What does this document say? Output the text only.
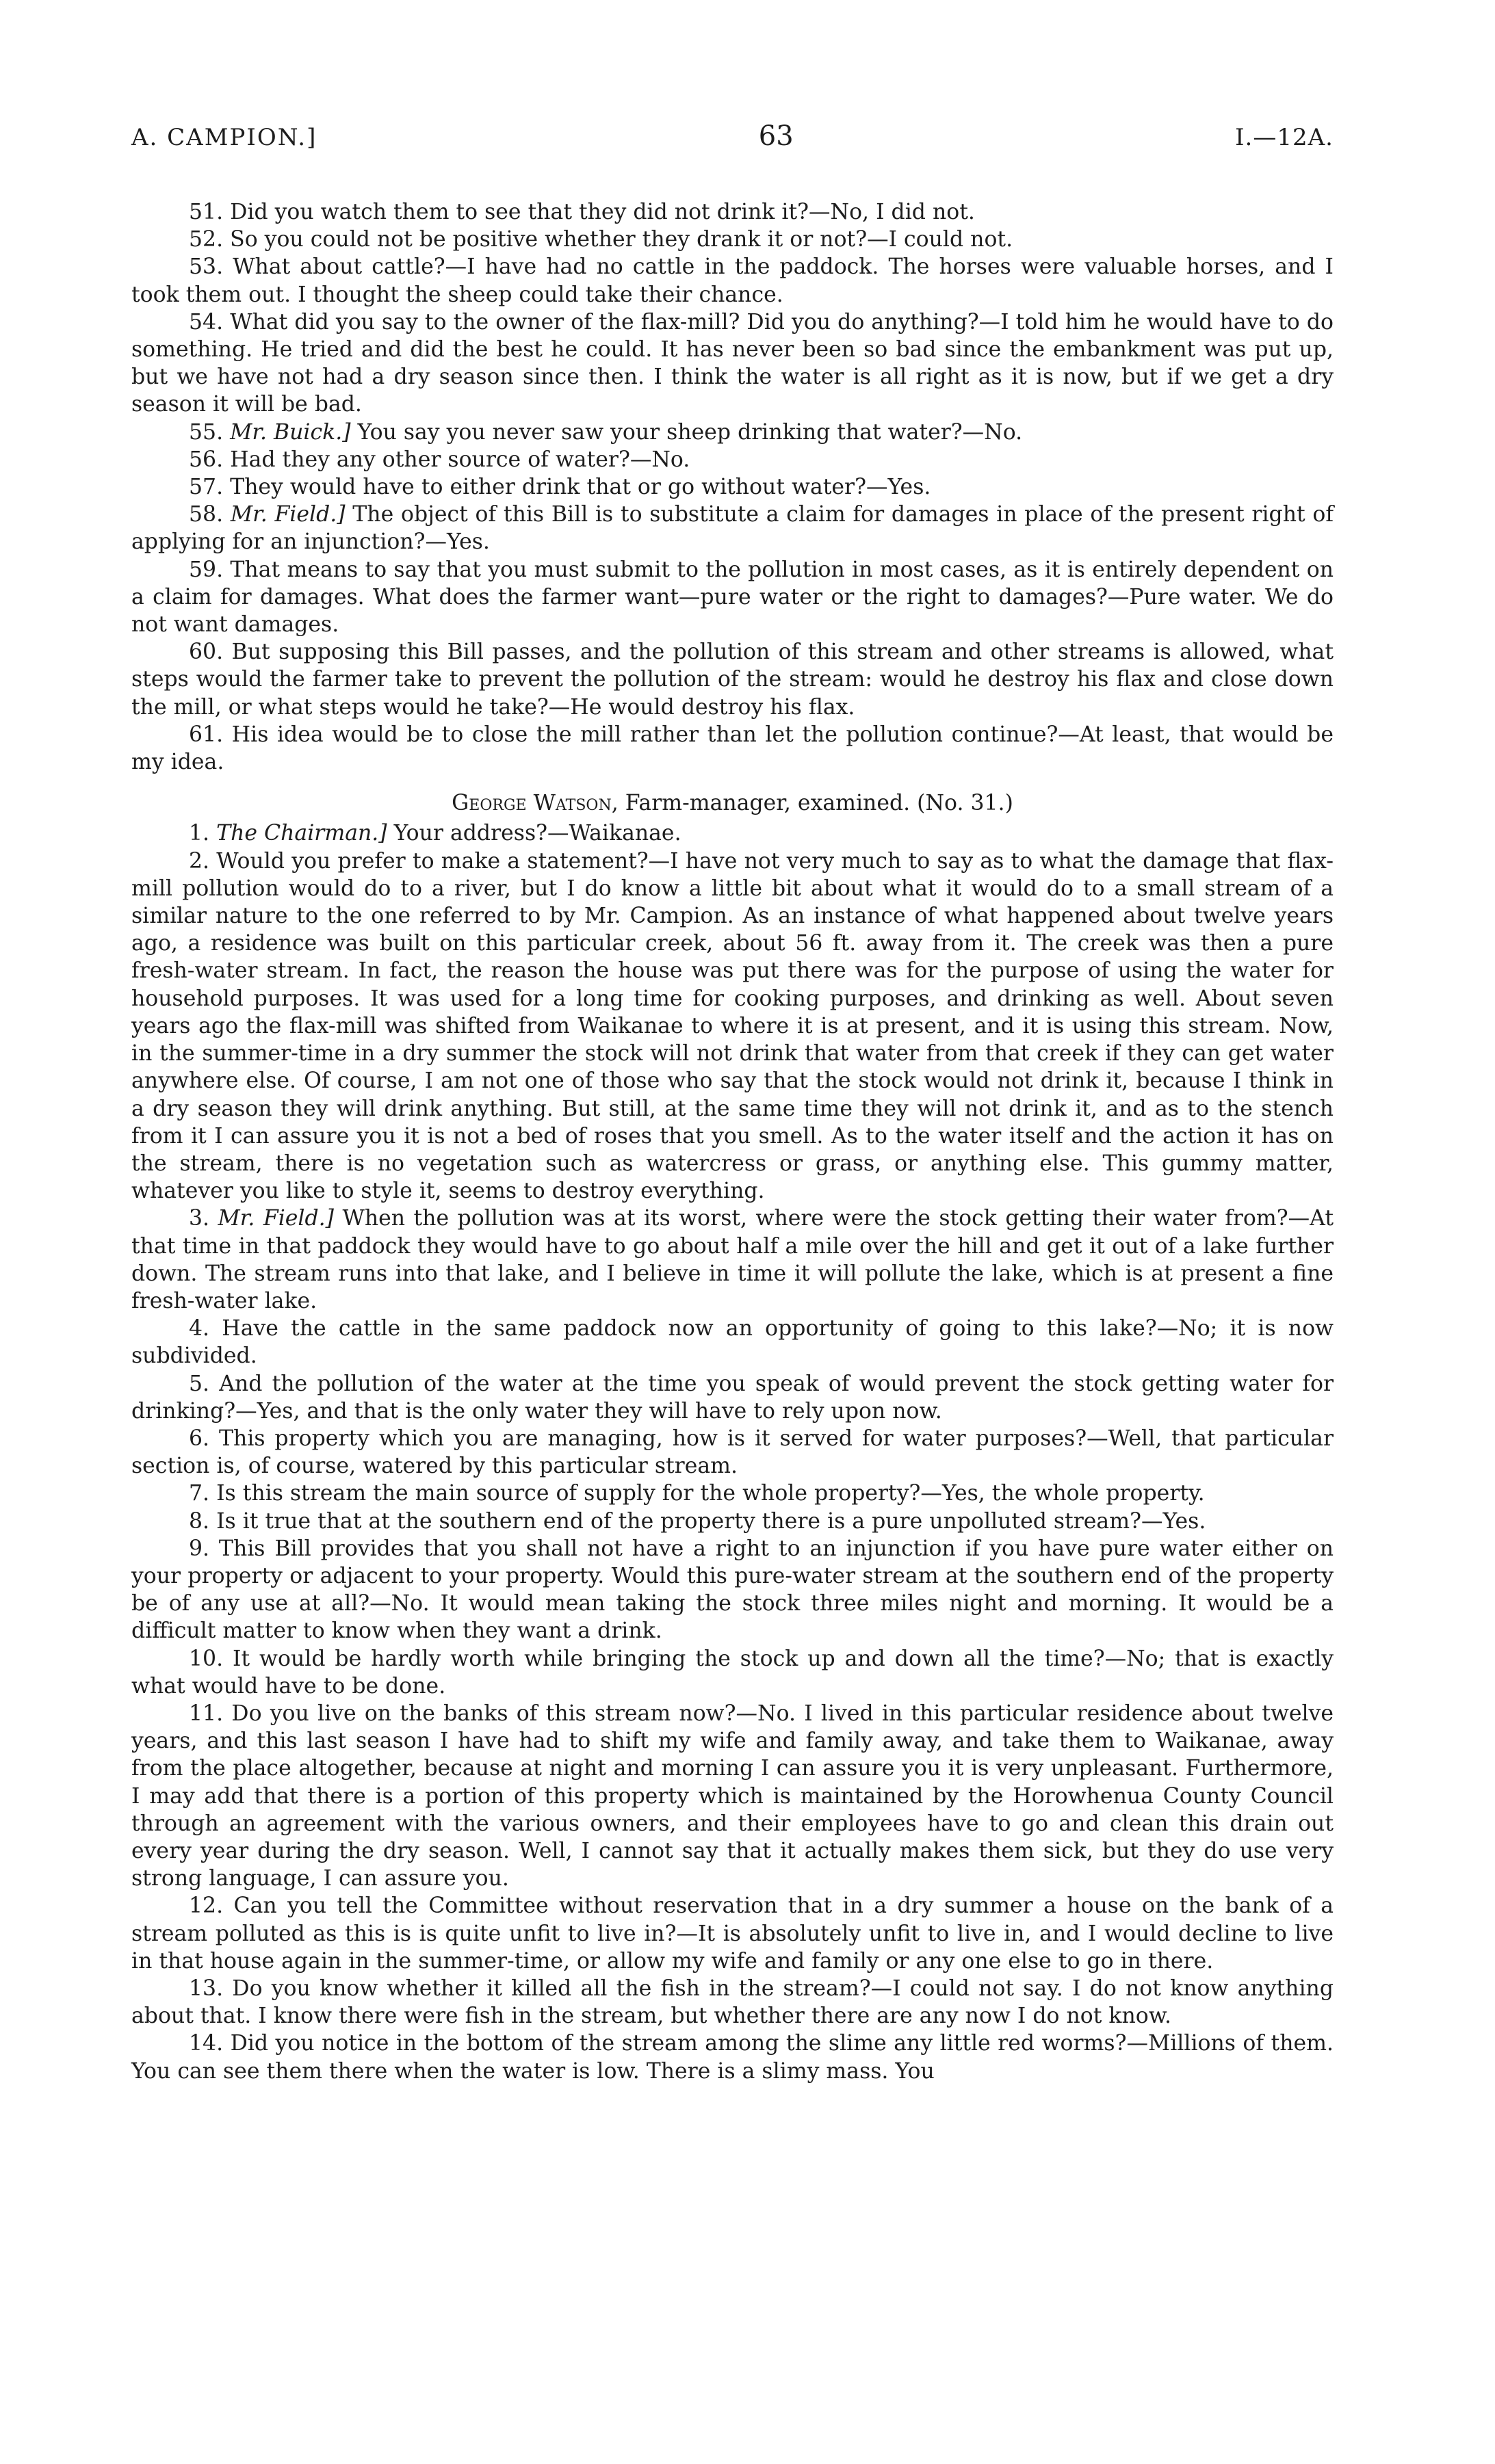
A. CAMPION.]	63	I.—12A.

51. Did you watch them to see that they did not drink it?—No, I did not.

52. So you could not be positive whether they drank it or not?—I could not.

53. What about cattle?—I have had no cattle in the paddock. The horses were valuable horses, and I took them out. I thought the sheep could take their chance.

54. What did you say to the owner of the flax-mill? Did you do anything?—I told him he would have to do something. He tried and did the best he could. It has never been so bad since the embankment was put up, but we have not had a dry season since then. I think the water is all right as it is now, but if we get a dry season it will be bad.

55. Mr. Buick.] You say you never saw your sheep drinking that water?—No.

56. Had they any other source of water?—No.

57. They would have to either drink that or go without water?—Yes.

58. Mr. Field.] The object of this Bill is to substitute a claim for damages in place of the present right of applying for an injunction?—Yes.

59. That means to say that you must submit to the pollution in most cases, as it is entirely dependent on a claim for damages. What does the farmer want—pure water or the right to damages?—Pure water. We do not want damages.

60. But supposing this Bill passes, and the pollution of this stream and other streams is allowed, what steps would the farmer take to prevent the pollution of the stream: would he destroy his flax and close down the mill, or what steps would he take?—He would destroy his flax.

61. His idea would be to close the mill rather than let the pollution continue?—At least, that would be my idea.

George Watson, Farm-manager, examined. (No. 31.)

1. The Chairman.] Your address?—Waikanae.

2. Would you prefer to make a statement?—I have not very much to say as to what the damage that flax-mill pollution would do to a river, but I do know a little bit about what it would do to a small stream of a similar nature to the one referred to by Mr. Campion. As an instance of what happened about twelve years ago, a residence was built on this particular creek, about 56 ft. away from it. The creek was then a pure fresh-water stream. In fact, the reason the house was put there was for the purpose of using the water for household purposes. It was used for a long time for cooking purposes, and drinking as well. About seven years ago the flax-mill was shifted from Waikanae to where it is at present, and it is using this stream. Now, in the summer-time in a dry summer the stock will not drink that water from that creek if they can get water anywhere else. Of course, I am not one of those who say that the stock would not drink it, because I think in a dry season they will drink anything. But still, at the same time they will not drink it, and as to the stench from it I can assure you it is not a bed of roses that you smell. As to the water itself and the action it has on the stream, there is no vegetation such as watercress or grass, or anything else. This gummy matter, whatever you like to style it, seems to destroy everything.

3. Mr. Field.] When the pollution was at its worst, where were the stock getting their water from?—At that time in that paddock they would have to go about half a mile over the hill and get it out of a lake further down. The stream runs into that lake, and I believe in time it will pollute the lake, which is at present a fine fresh-water lake.

4. Have the cattle in the same paddock now an opportunity of going to this lake?—No; it is now subdivided.

5. And the pollution of the water at the time you speak of would prevent the stock getting water for drinking?—Yes, and that is the only water they will have to rely upon now.

6. This property which you are managing, how is it served for water purposes?—Well, that particular section is, of course, watered by this particular stream.

7. Is this stream the main source of supply for the whole property?—Yes, the whole property.

8. Is it true that at the southern end of the property there is a pure unpolluted stream?—Yes.

9. This Bill provides that you shall not have a right to an injunction if you have pure water either on your property or adjacent to your property. Would this pure-water stream at the southern end of the property be of any use at all?—No. It would mean taking the stock three miles night and morning. It would be a difficult matter to know when they want a drink.

10. It would be hardly worth while bringing the stock up and down all the time?—No; that is exactly what would have to be done.

11. Do you live on the banks of this stream now?—No. I lived in this particular residence about twelve years, and this last season I have had to shift my wife and family away, and take them to Waikanae, away from the place altogether, because at night and morning I can assure you it is very unpleasant. Furthermore, I may add that there is a portion of this property which is maintained by the Horowhenua County Council through an agreement with the various owners, and their employees have to go and clean this drain out every year during the dry season. Well, I cannot say that it actually makes them sick, but they do use very strong language, I can assure you.

12. Can you tell the Committee without reservation that in a dry summer a house on the bank of a stream polluted as this is is quite unfit to live in?—It is absolutely unfit to live in, and I would decline to live in that house again in the summer-time, or allow my wife and family or any one else to go in there.

13. Do you know whether it killed all the fish in the stream?—I could not say. I do not know anything about that. I know there were fish in the stream, but whether there are any now I do not know.

14. Did you notice in the bottom of the stream among the slime any little red worms?—Millions of them. You can see them there when the water is low. There is a slimy mass. You
